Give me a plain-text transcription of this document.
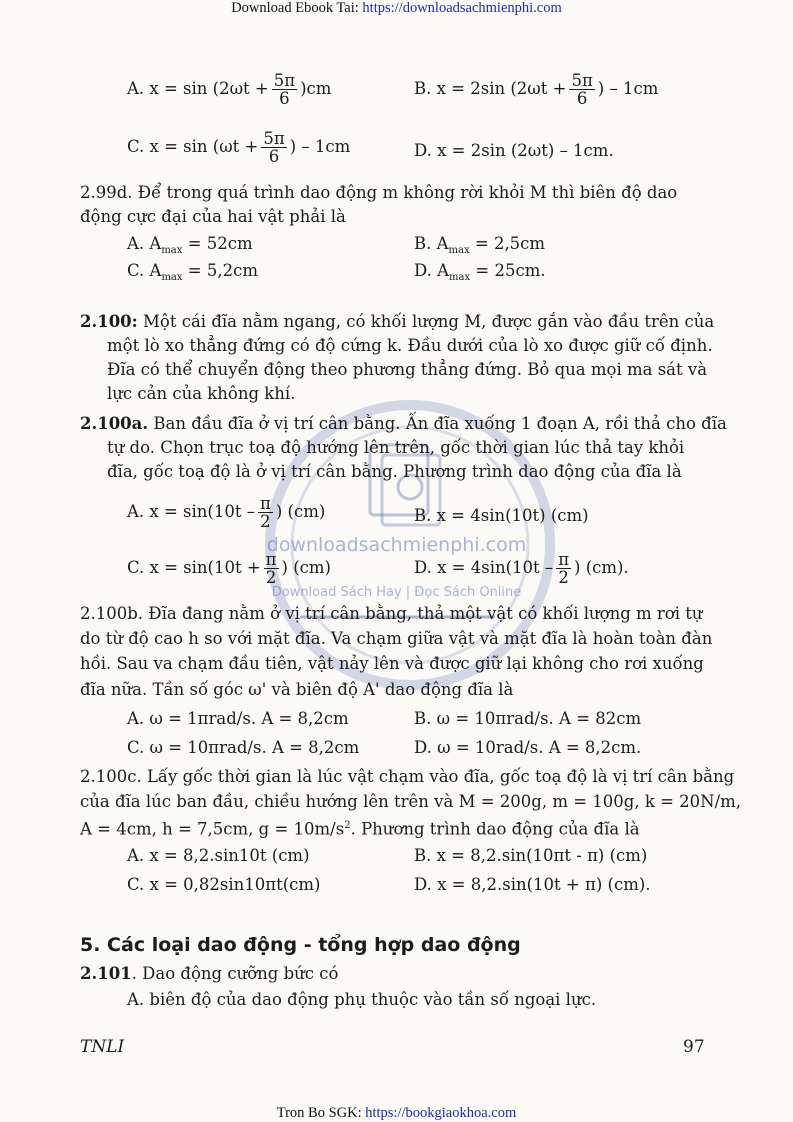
Download Ebook Tai: https://downloadsachmienphi.com
downloadsachmienphi.com
Download Sách Hay | Đọc Sách Online
A. $x = \sin (2\omega t + \frac{5\pi}{6} )cm$	B. x = 2sin ($2\omega t + \frac{5\pi}{6}$ ) – 1cm
C. $x = \sin (\omega t + \frac{5\pi}{6}$ ) – 1cm	D. x = 2sin (2ωt) – 1cm.
2.99d. Để trong quá trình dao động m không rời khỏi M thì biên độ dao
động cực đại của hai vật phải là
A. $A_{max} = 52cm$	B. $A_{max} = 2,5cm$
C. $A_{max} = 5,2cm$	D. $A_{max} = 25cm$.
2.100: Một cái đĩa nằm ngang, có khối lượng M, được gắn vào đầu trên của
một lò xo thẳng đứng có độ cứng k. Đầu dưới của lò xo được giữ cố định.
Đĩa có thể chuyển động theo phương thẳng đứng. Bỏ qua mọi ma sát và
lực cản của không khí.
2.100a. Ban đầu đĩa ở vị trí cân bằng. Ấn đĩa xuống 1 đoạn A, rồi thả cho đĩa
tự do. Chọn trục toạ độ hướng lên trên, gốc thời gian lúc thả tay khỏi
đĩa, gốc toạ độ là ở vị trí cân bằng. Phương trình dao động của đĩa là
A. $x = \sin(10t - \frac{\pi}{2}$ ) (cm)	B. x = 4sin(10t) (cm)
C. $x = \sin(10t + \frac{\pi}{2}$ ) (cm)	D. $x = 4\sin(10t - \frac{\pi}{2}$ ) (cm).
2.100b. Đĩa đang nằm ở vị trí cân bằng, thả một vật có khối lượng m rơi tự
do từ độ cao h so với mặt đĩa. Va chạm giữa vật và mặt đĩa là hoàn toàn đàn
hồi. Sau va chạm đầu tiên, vật nảy lên và được giữ lại không cho rơi xuống
đĩa nữa. Tần số góc ω' và biên độ A' dao động đĩa là
A. ω = 1πrad/s. A = 8,2cm	B. ω = 10πrad/s. A = 82cm
C. ω = 10πrad/s. A = 8,2cm	D. ω = 10rad/s. A = 8,2cm.
2.100c. Lấy gốc thời gian là lúc vật chạm vào đĩa, gốc toạ độ là vị trí cân bằng
của đĩa lúc ban đầu, chiều hướng lên trên và M = 200g, m = 100g, k = 20N/m,
A = 4cm, h = 7,5cm, $g = 10m/s^2$. Phương trình dao động của đĩa là
A. x = 8,2.sin10t (cm)	B. x = 8,2.sin(10πt - π) (cm)
C. x = 0,82sin10πt(cm)	D. x = 8,2.sin(10t + π) (cm).
5. Các loại dao động - tổng hợp dao động
2.101. Dao động cưỡng bức có
A. biên độ của dao động phụ thuộc vào tần số ngoại lực.
TNLI	97
Tron Bo SGK: https://bookgiaokhoa.com
